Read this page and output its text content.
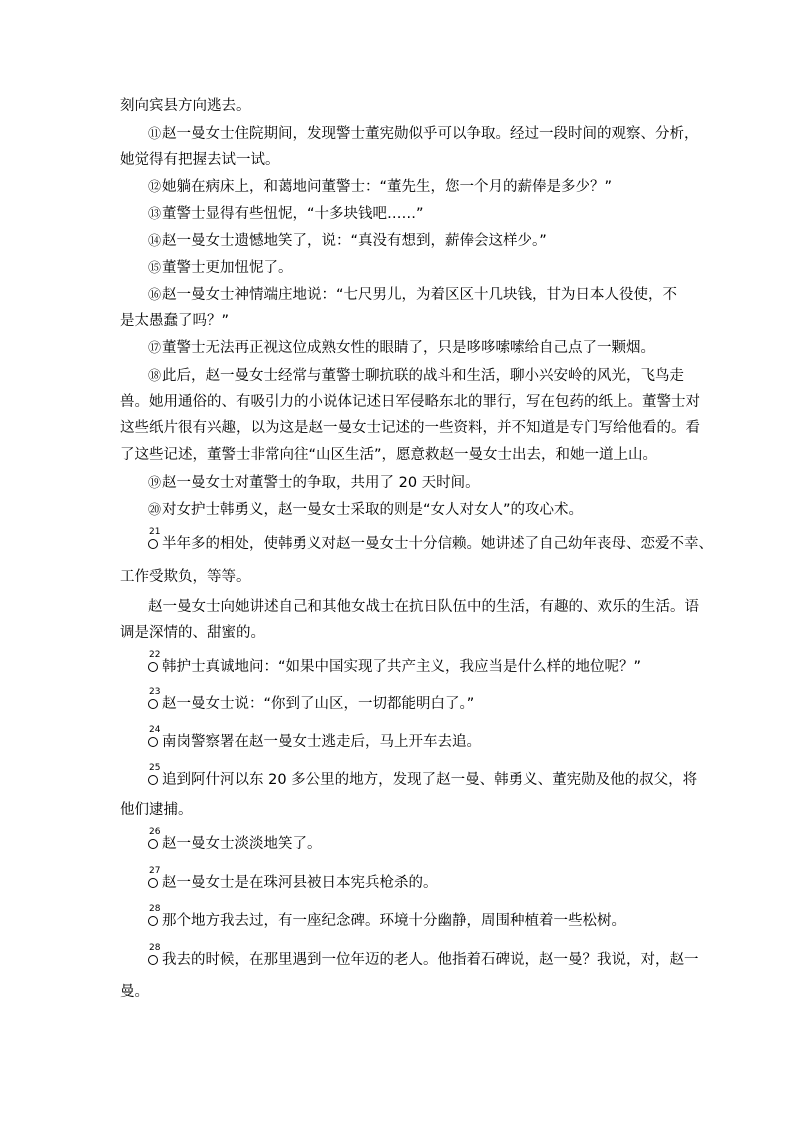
刻向宾县方向逃去。
⑪赵一曼女士住院期间，发现警士董宪勋似乎可以争取。经过一段时间的观察、分析，
她觉得有把握去试一试。
⑫她躺在病床上，和蔼地问董警士：“董先生，您一个月的薪俸是多少？”
⑬董警士显得有些忸怩，“十多块钱吧……”
⑭赵一曼女士遗憾地笑了，说：“真没有想到，薪俸会这样少。”
⑮董警士更加忸怩了。
⑯赵一曼女士神情端庄地说：“七尺男儿，为着区区十几块钱，甘为日本人役使，不
是太愚蠢了吗？”
⑰董警士无法再正视这位成熟女性的眼睛了，只是哆哆嗦嗦给自己点了一颗烟。
⑱此后，赵一曼女士经常与董警士聊抗联的战斗和生活，聊小兴安岭的风光，飞鸟走
兽。她用通俗的、有吸引力的小说体记述日军侵略东北的罪行，写在包药的纸上。董警士对
这些纸片很有兴趣，以为这是赵一曼女士记述的一些资料，并不知道是专门写给他看的。看
了这些记述，董警士非常向往“山区生活”，愿意救赵一曼女士出去，和她一道上山。
⑲赵一曼女士对董警士的争取，共用了 20 天时间。
⑳对女护士韩勇义，赵一曼女士采取的则是“女人对女人”的攻心术。
21
半年多的相处，使韩勇义对赵一曼女士十分信赖。她讲述了自己幼年丧母、恋爱不幸、
工作受欺负，等等。
赵一曼女士向她讲述自己和其他女战士在抗日队伍中的生活，有趣的、欢乐的生活。语
调是深情的、甜蜜的。
22
韩护士真诚地问：“如果中国实现了共产主义，我应当是什么样的地位呢？”
23
赵一曼女士说：“你到了山区，一切都能明白了。”
24
南岗警察署在赵一曼女士逃走后，马上开车去追。
25
追到阿什河以东 20 多公里的地方，发现了赵一曼、韩勇义、董宪勋及他的叔父，将
他们逮捕。
26
赵一曼女士淡淡地笑了。
27
赵一曼女士是在珠河县被日本宪兵枪杀的。
28
那个地方我去过，有一座纪念碑。环境十分幽静，周围种植着一些松树。
28
我去的时候，在那里遇到一位年迈的老人。他指着石碑说，赵一曼？我说，对，赵一
曼。
